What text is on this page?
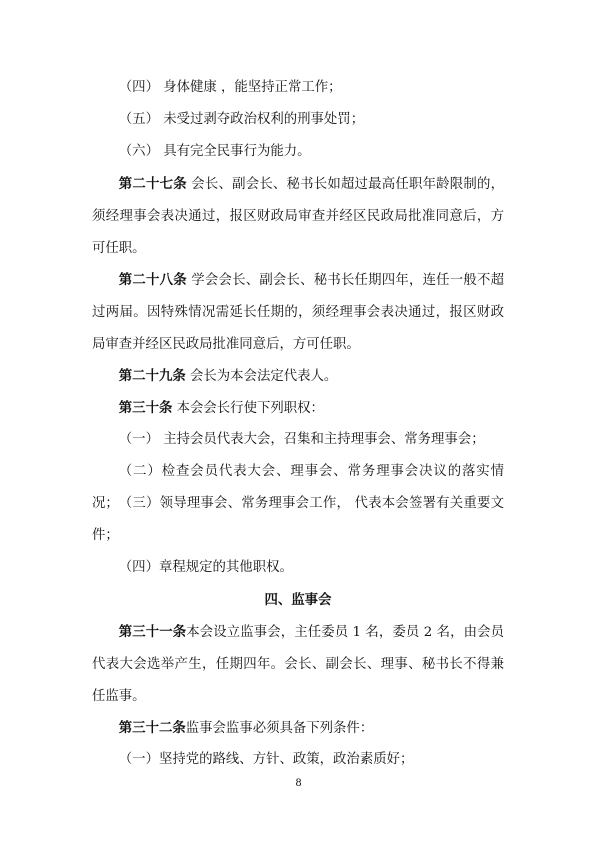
（四） 身体健康 ，能坚持正常工作；
（五） 未受过剥夺政治权利的刑事处罚；
（六） 具有完全民事行为能力。
第二十七条 会长、副会长、秘书长如超过最高任职年龄限制的，须经理事会表决通过，报区财政局审查并经区民政局批准同意后，方可任职。
第二十八条 学会会长、副会长、秘书长任期四年，连任一般不超过两届。因特殊情况需延长任期的，须经理事会表决通过，报区财政局审查并经区民政局批准同意后，方可任职。
第二十九条 会长为本会法定代表人。
第三十条 本会会长行使下列职权：
（一） 主持会员代表大会，召集和主持理事会、常务理事会；
（二）检查会员代表大会、理事会、常务理事会决议的落实情况； （三）领导理事会、常务理事会工作， 代表本会签署有关重要文件；
（四）章程规定的其他职权。
四、监事会
第三十一条本会设立监事会，主任委员 1 名，委员 2 名，由会员代表大会选举产生，任期四年。会长、副会长、理事、秘书长不得兼任监事。
第三十二条监事会监事必须具备下列条件：
（一）坚持党的路线、方针、政策，政治素质好；
8
